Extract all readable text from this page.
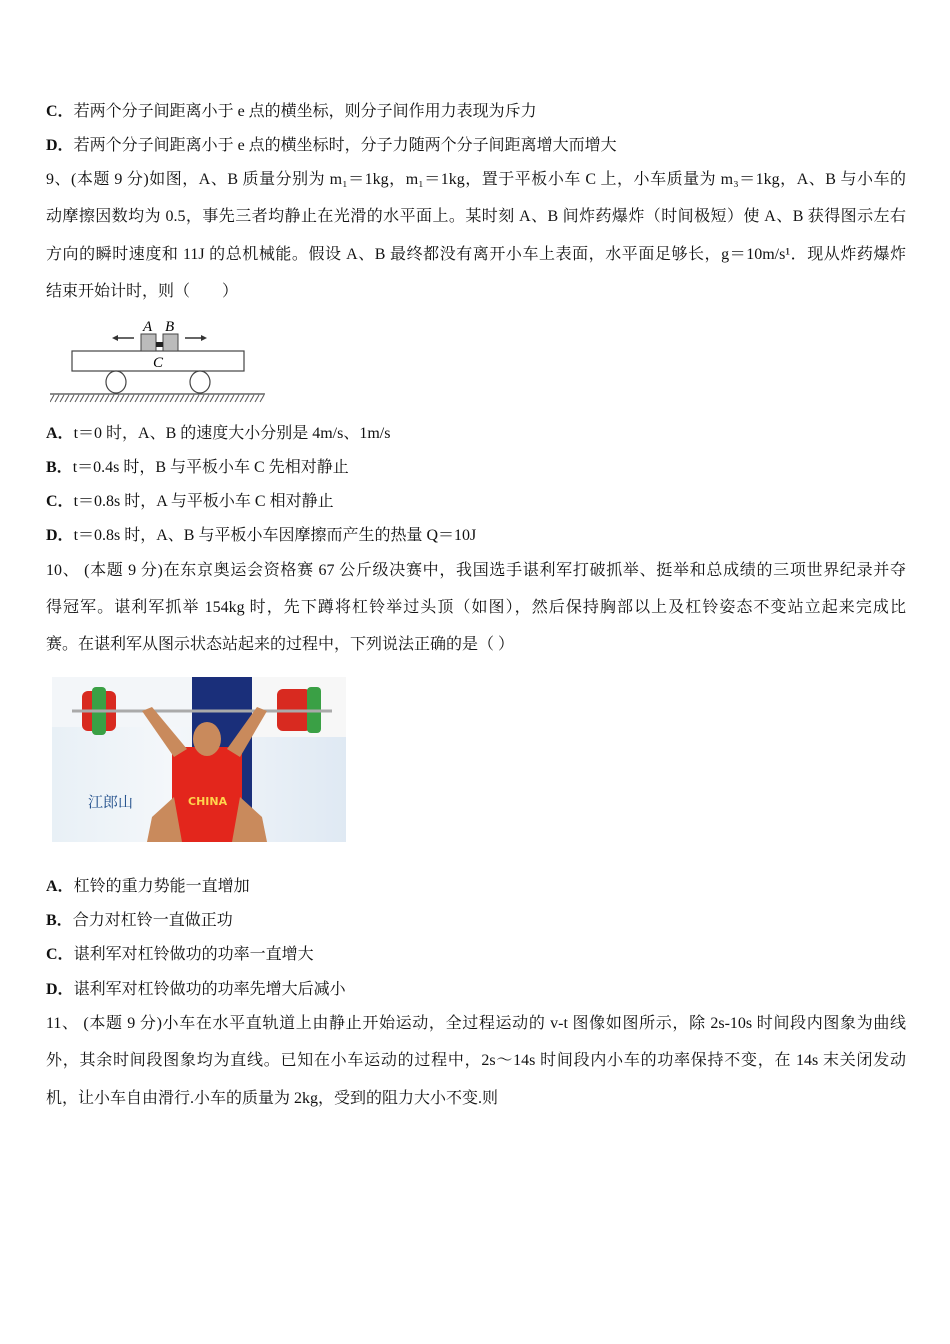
C．若两个分子间距离小于 e 点的横坐标，则分子间作用力表现为斥力
D．若两个分子间距离小于 e 点的横坐标时，分子力随两个分子间距离增大而增大
9、(本题 9 分)如图，A、B 质量分别为 m₁＝1kg，m₁＝1kg，置于平板小车 C 上，小车质量为 m₃＝1kg，A、B 与小车的
动摩擦因数均为 0.5，事先三者均静止在光滑的水平面上。某时刻 A、B 间炸药爆炸（时间极短）使 A、B 获得图示左右
方向的瞬时速度和 11J 的总机械能。假设 A、B 最终都没有离开小车上表面，水平面足够长，g＝10m/s¹．现从炸药爆炸
结束开始计时，则（　　）
A B
C
A．t＝0 时，A、B 的速度大小分别是 4m/s、1m/s
B．t＝0.4s 时，B 与平板小车 C 先相对静止
C．t＝0.8s 时，A 与平板小车 C 相对静止
D．t＝0.8s 时，A、B 与平板小车因摩擦而产生的热量 Q＝10J
10、 (本题 9 分)在东京奥运会资格赛 67 公斤级决赛中，我国选手谌利军打破抓举、挺举和总成绩的三项世界纪录并夺
得冠军。谌利军抓举 154kg 时，先下蹲将杠铃举过头顶（如图），然后保持胸部以上及杠铃姿态不变站立起来完成比
赛。在谌利军从图示状态站起来的过程中，下列说法正确的是（ ）
CHINA
江郎山
A．杠铃的重力势能一直增加
B．合力对杠铃一直做正功
C．谌利军对杠铃做功的功率一直增大
D．谌利军对杠铃做功的功率先增大后减小
11、 (本题 9 分)小车在水平直轨道上由静止开始运动，全过程运动的 v-t 图像如图所示，除 2s-10s 时间段内图象为曲线
外，其余时间段图象均为直线。已知在小车运动的过程中，2s～14s 时间段内小车的功率保持不变，在 14s 末关闭发动
机，让小车自由滑行.小车的质量为 2kg，受到的阻力大小不变.则
